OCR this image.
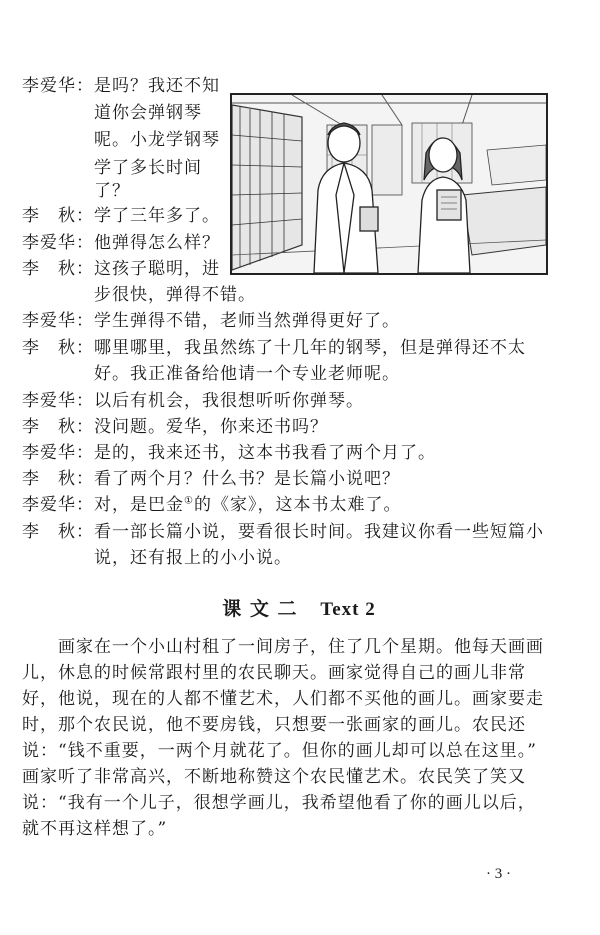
李爱华：是吗？我还不知
道你会弹钢琴
呢。小龙学钢琴
学了多长时间
了？
李　秋：学了三年多了。
李爱华：他弹得怎么样？
李　秋：这孩子聪明，进
步很快，弹得不错。
李爱华：学生弹得不错，老师当然弹得更好了。
李　秋：哪里哪里，我虽然练了十几年的钢琴，但是弹得还不太
好。我正准备给他请一个专业老师呢。
李爱华：以后有机会，我很想听听你弹琴。
李　秋：没问题。爱华，你来还书吗？
李爱华：是的，我来还书，这本书我看了两个月了。
李　秋：看了两个月？什么书？是长篇小说吧？
李爱华：对，是巴金①的《家》，这本书太难了。
李　秋：看一部长篇小说，要看很长时间。我建议你看一些短篇小
说，还有报上的小小说。
课 文 二 Text 2
画家在一个小山村租了一间房子，住了几个星期。他每天画画
儿，休息的时候常跟村里的农民聊天。画家觉得自己的画儿非常
好，他说，现在的人都不懂艺术，人们都不买他的画儿。画家要走
时，那个农民说，他不要房钱，只想要一张画家的画儿。农民还
说：“钱不重要，一两个月就花了。但你的画儿却可以总在这里。”
画家听了非常高兴，不断地称赞这个农民懂艺术。农民笑了笑又
说：“我有一个儿子，很想学画儿，我希望他看了你的画儿以后，
就不再这样想了。”
· 3 ·
